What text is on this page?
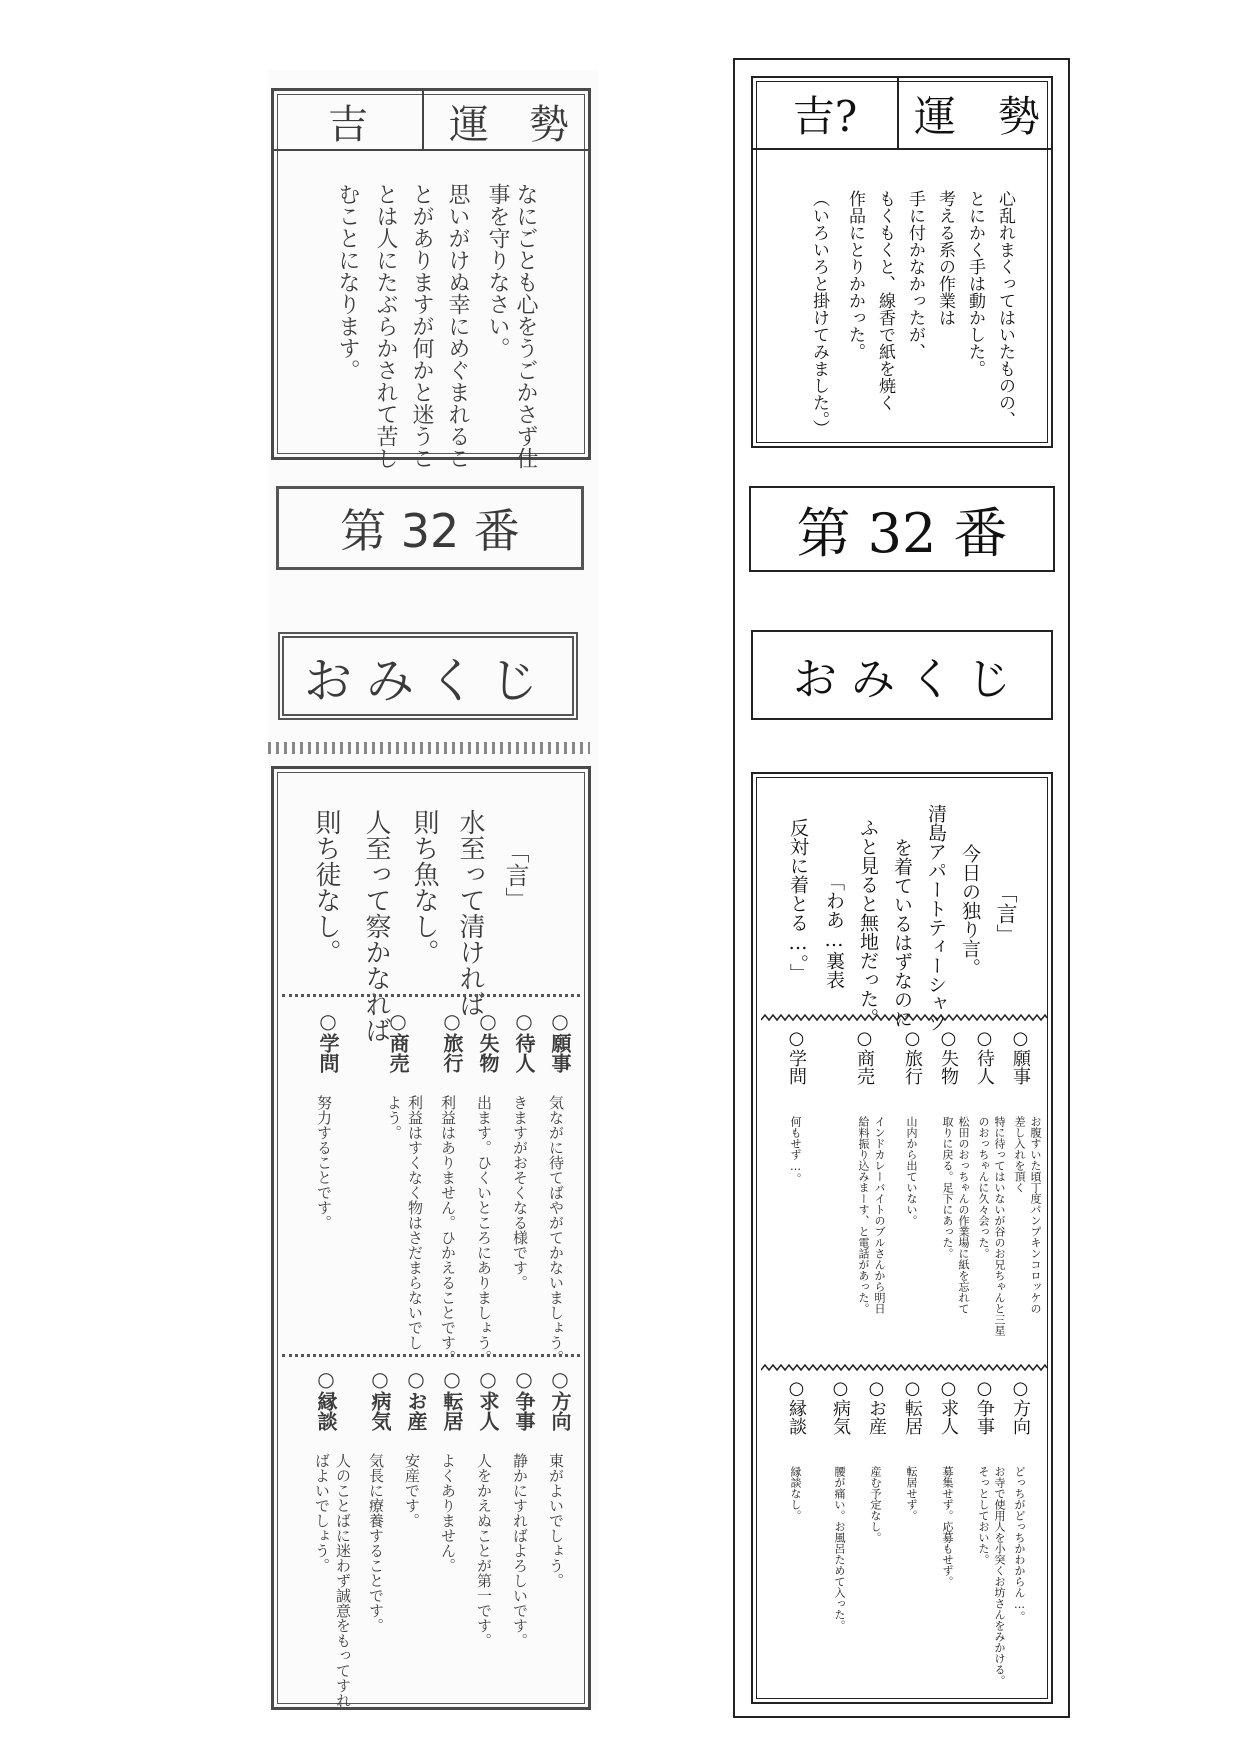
吉	運　勢
なにごとも心をうごかさず仕
事を守りなさい。
思いがけぬ幸にめぐまれるこ
とがありますが何かと迷うこ
とは人にたぶらかされて苦し
むことになります。
第 32 番
おみくじ
「言」
水至って清ければ
則ち魚なし。
人至って察かなれば
則ち徒なし。
○願事
気ながに待てばやがてかないましょう。
○待人
きますがおそくなる様です。
○失物
出ます。ひくいところにありましょう。
○旅行
利益はありません。ひかえることです。
○商売
利益はすくなく物はさだまらないでし
よう。
○学問
努力することです。
○方向
東がよいでしょう。
○争事
静かにすればよろしいです。
○求人
人をかえぬことが第一です。
○転居
よくありません。
○お産
安産です。
○病気
気長に療養することです。
○縁談
人のことばに迷わず誠意をもってすれ
ばよいでしょう。
吉?	運　勢
心乱れまくってはいたものの、
とにかく手は動かした。
考える系の作業は
手に付かなかったが、
もくもくと、線香で紙を焼く
作品にとりかかった。
（いろいろと掛けてみました。）
第 32 番
お み く じ
「言」
今日の独り言。
清島アパートティーシャツ
を着ているはずなのに
ふと見ると無地だった。
「わあ…裏表
反対に着とる…。」
○願事
お腹すいた頃丁度パンプキンコロッケの
差し入れを頂く
○待人
特に待ってはいないが谷のお兄ちゃんと三星
のおっちゃんに久々会った。
○失物
松田のおっちゃんの作業場に紙を忘れて
取りに戻る。足下にあった。
○旅行
山内から出ていない。
○商売
インドカレーバイトのブルさんから明日
給料振り込みまーす、と電話があった。
○学問
何もせず…。
○方向
どっちがどっちかわからん…。
○争事
お寺で使用人を小突くお坊さんをみかける。
そっとしておいた。
○求人
募集せず。応募もせず。
○転居
転居せず。
○お産
産む予定なし。
○病気
腰が痛い。お風呂ためて入った。
○縁談
縁談なし。
